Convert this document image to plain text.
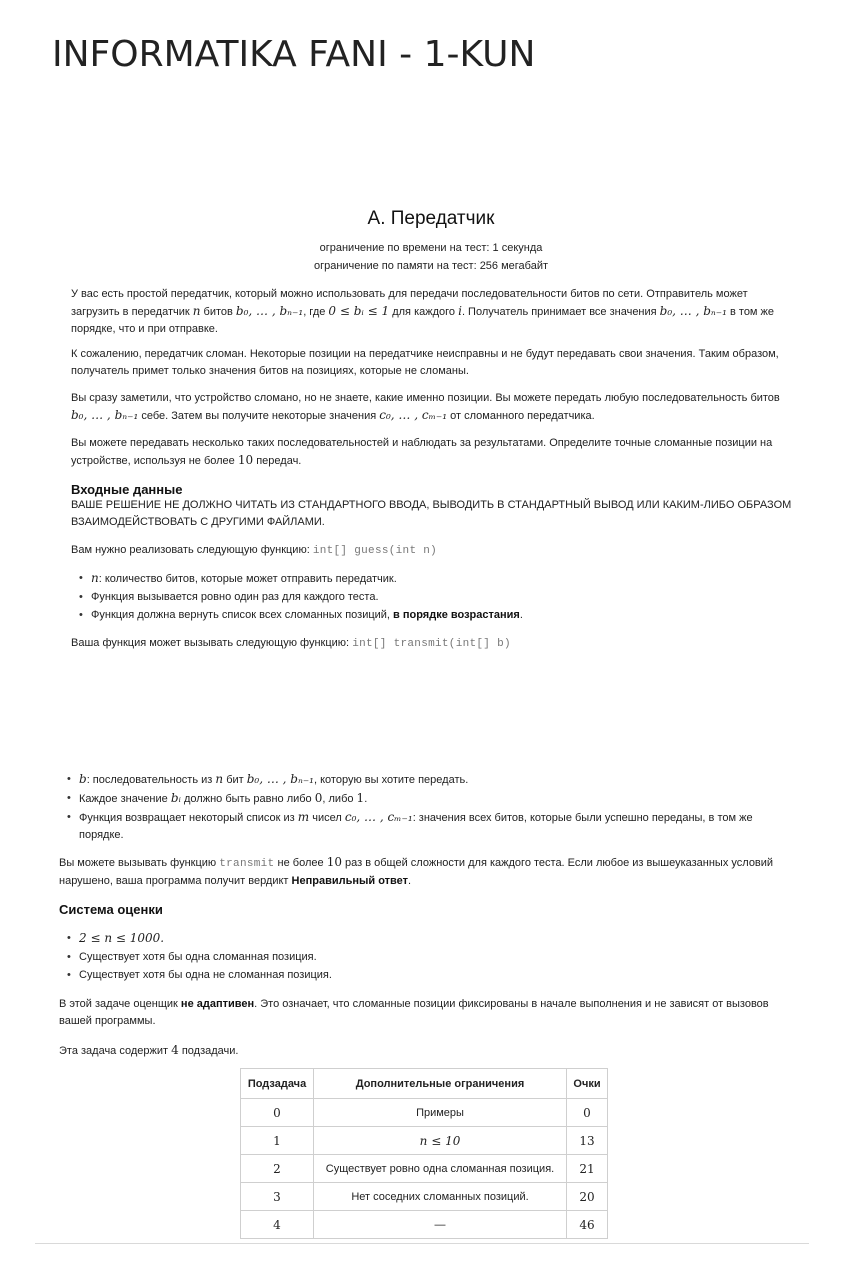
INFORMATIKA FANI - 1-KUN
A. Передатчик
ограничение по времени на тест: 1 секунда
ограничение по памяти на тест: 256 мегабайт

У вас есть простой передатчик, который можно использовать для передачи последовательности битов по сети. Отправитель может загрузить в передатчик n битов b₀, … , bₙ₋₁, где 0 ≤ bᵢ ≤ 1 для каждого i. Получатель принимает все значения b₀, … , bₙ₋₁ в том же порядке, что и при отправке.

К сожалению, передатчик сломан. Некоторые позиции на передатчике неисправны и не будут передавать свои значения. Таким образом, получатель примет только значения битов на позициях, которые не сломаны.

Вы сразу заметили, что устройство сломано, но не знаете, какие именно позиции. Вы можете передать любую последовательность битов b₀, … , bₙ₋₁ себе. Затем вы получите некоторые значения c₀, … , cₘ₋₁ от сломанного передатчика.

Вы можете передавать несколько таких последовательностей и наблюдать за результатами. Определите точные сломанные позиции на устройстве, используя не более 10 передач.

Входные данные

ВАШЕ РЕШЕНИЕ НЕ ДОЛЖНО ЧИТАТЬ ИЗ СТАНДАРТНОГО ВВОДА, ВЫВОДИТЬ В СТАНДАРТНЫЙ ВЫВОД ИЛИ КАКИМ-ЛИБО ОБРАЗОМ ВЗАИМОДЕЙСТВОВАТЬ С ДРУГИМИ ФАЙЛАМИ.

Вам нужно реализовать следующую функцию: int[] guess(int n)

• n: количество битов, которые может отправить передатчик.
• Функция вызывается ровно один раз для каждого теста.
• Функция должна вернуть список всех сломанных позиций, в порядке возрастания.

Ваша функция может вызывать следующую функцию: int[] transmit(int[] b)

• b: последовательность из n бит b₀, … , bₙ₋₁, которую вы хотите передать.
• Каждое значение bᵢ должно быть равно либо 0, либо 1.
• Функция возвращает некоторый список из m чисел c₀, … , cₘ₋₁: значения всех битов, которые были успешно переданы, в том же порядке.

Вы можете вызывать функцию transmit не более 10 раз в общей сложности для каждого теста. Если любое из вышеуказанных условий нарушено, ваша программа получит вердикт Неправильный ответ.

Система оценки
• 2 ≤ n ≤ 1000.
• Существует хотя бы одна сломанная позиция.
• Существует хотя бы одна не сломанная позиция.

В этой задаче оценщик не адаптивен. Это означает, что сломанные позиции фиксированы в начале выполнения и не зависят от вызовов вашей программы.

Эта задача содержит 4 подзадачи.

Подзадача	Дополнительные ограничения	Очки
0	Примеры	0
1	n ≤ 10	13
2	Существует ровно одна сломанная позиция.	21
3	Нет соседних сломанных позиций.	20
4	—	46
